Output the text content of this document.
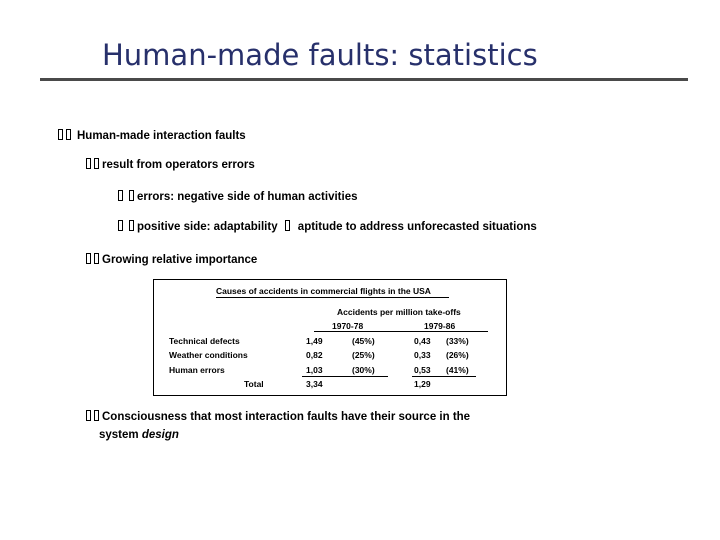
Human-made faults: statistics
Human-made interaction faults
result from operators errors
errors: negative side of human activities
positive side: adaptability aptitude to address unforecasted situations
Growing relative importance
Causes of accidents in commercial flights in the USA
Accidents per million take-offs
1970-78	1979-86
Technical defects	1,49	(45%)	0,43 (33%)
Weather conditions	0,82	(25%)	0,33 (26%)
Human errors	1,03	(30%)	0,53 (41%)
Total	3,34	1,29
Consciousness that most interaction faults have their source in the
system design
